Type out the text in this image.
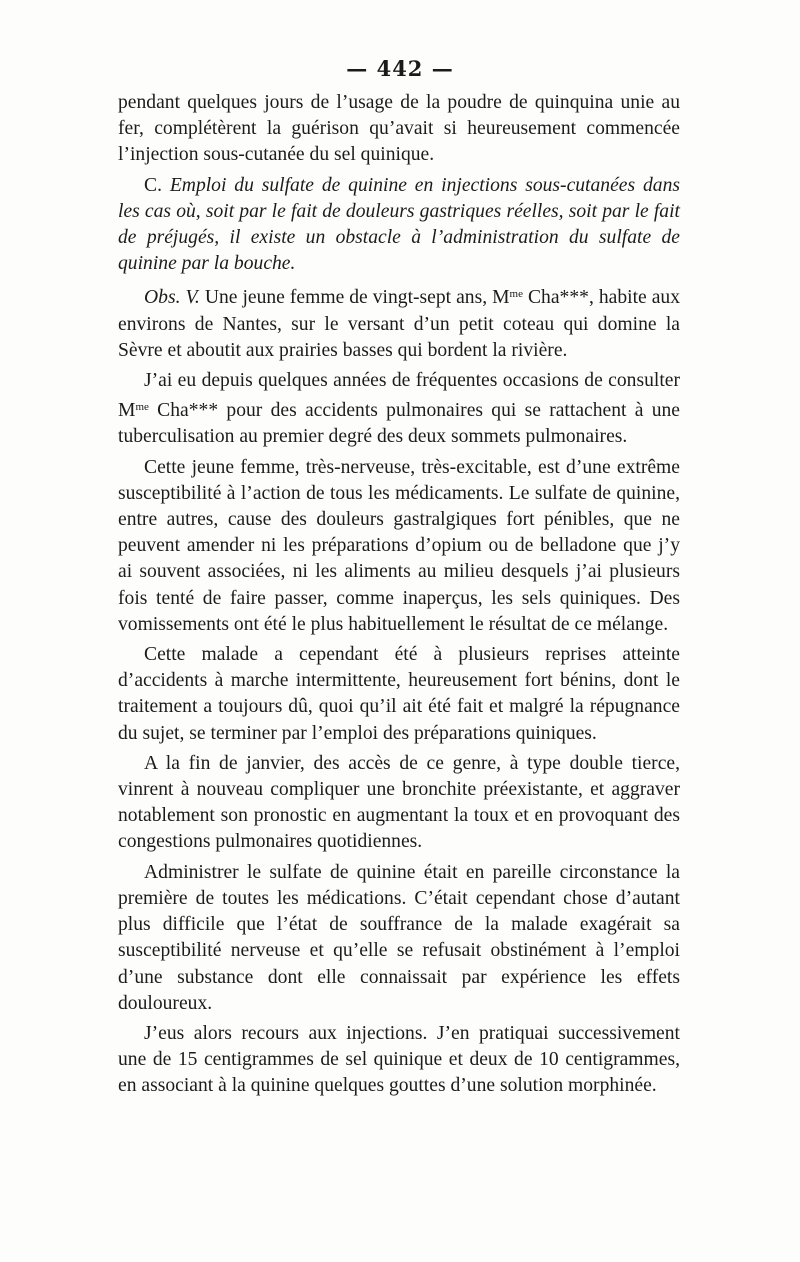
— 442 —

pendant quelques jours de l’usage de la poudre de quinquina unie au fer, complétèrent la guérison qu’avait si heureusement commencée l’injection sous-cutanée du sel quinique.

C. Emploi du sulfate de quinine en injections sous-cutanées dans les cas où, soit par le fait de douleurs gastriques réelles, soit par le fait de préjugés, il existe un obstacle à l’administration du sulfate de quinine par la bouche.

Obs. V. Une jeune femme de vingt-sept ans, $M^{me}$ Cha***, habite aux environs de Nantes, sur le versant d’un petit coteau qui domine la Sèvre et aboutit aux prairies basses qui bordent la rivière.

J’ai eu depuis quelques années de fréquentes occasions de consulter $M^{me}$ Cha*** pour des accidents pulmonaires qui se rattachent à une tuberculisation au premier degré des deux sommets pulmonaires.

Cette jeune femme, très-nerveuse, très-excitable, est d’une extrême susceptibilité à l’action de tous les médicaments. Le sulfate de quinine, entre autres, cause des douleurs gastralgiques fort pénibles, que ne peuvent amender ni les préparations d’opium ou de belladone que j’y ai souvent associées, ni les aliments au milieu desquels j’ai plusieurs fois tenté de faire passer, comme inaperçus, les sels quiniques. Des vomissements ont été le plus habituellement le résultat de ce mélange.

Cette malade a cependant été à plusieurs reprises atteinte d’accidents à marche intermittente, heureusement fort bénins, dont le traitement a toujours dû, quoi qu’il ait été fait et malgré la répugnance du sujet, se terminer par l’emploi des préparations quiniques.

A la fin de janvier, des accès de ce genre, à type double tierce, vinrent à nouveau compliquer une bronchite préexistante, et aggraver notablement son pronostic en augmentant la toux et en provoquant des congestions pulmonaires quotidiennes.

Administrer le sulfate de quinine était en pareille circonstance la première de toutes les médications. C’était cependant chose d’autant plus difficile que l’état de souffrance de la malade exagérait sa susceptibilité nerveuse et qu’elle se refusait obstinément à l’emploi d’une substance dont elle connaissait par expérience les effets douloureux.

J’eus alors recours aux injections. J’en pratiquai successivement une de 15 centigrammes de sel quinique et deux de 10 centigrammes, en associant à la quinine quelques gouttes d’une solution morphinée.
